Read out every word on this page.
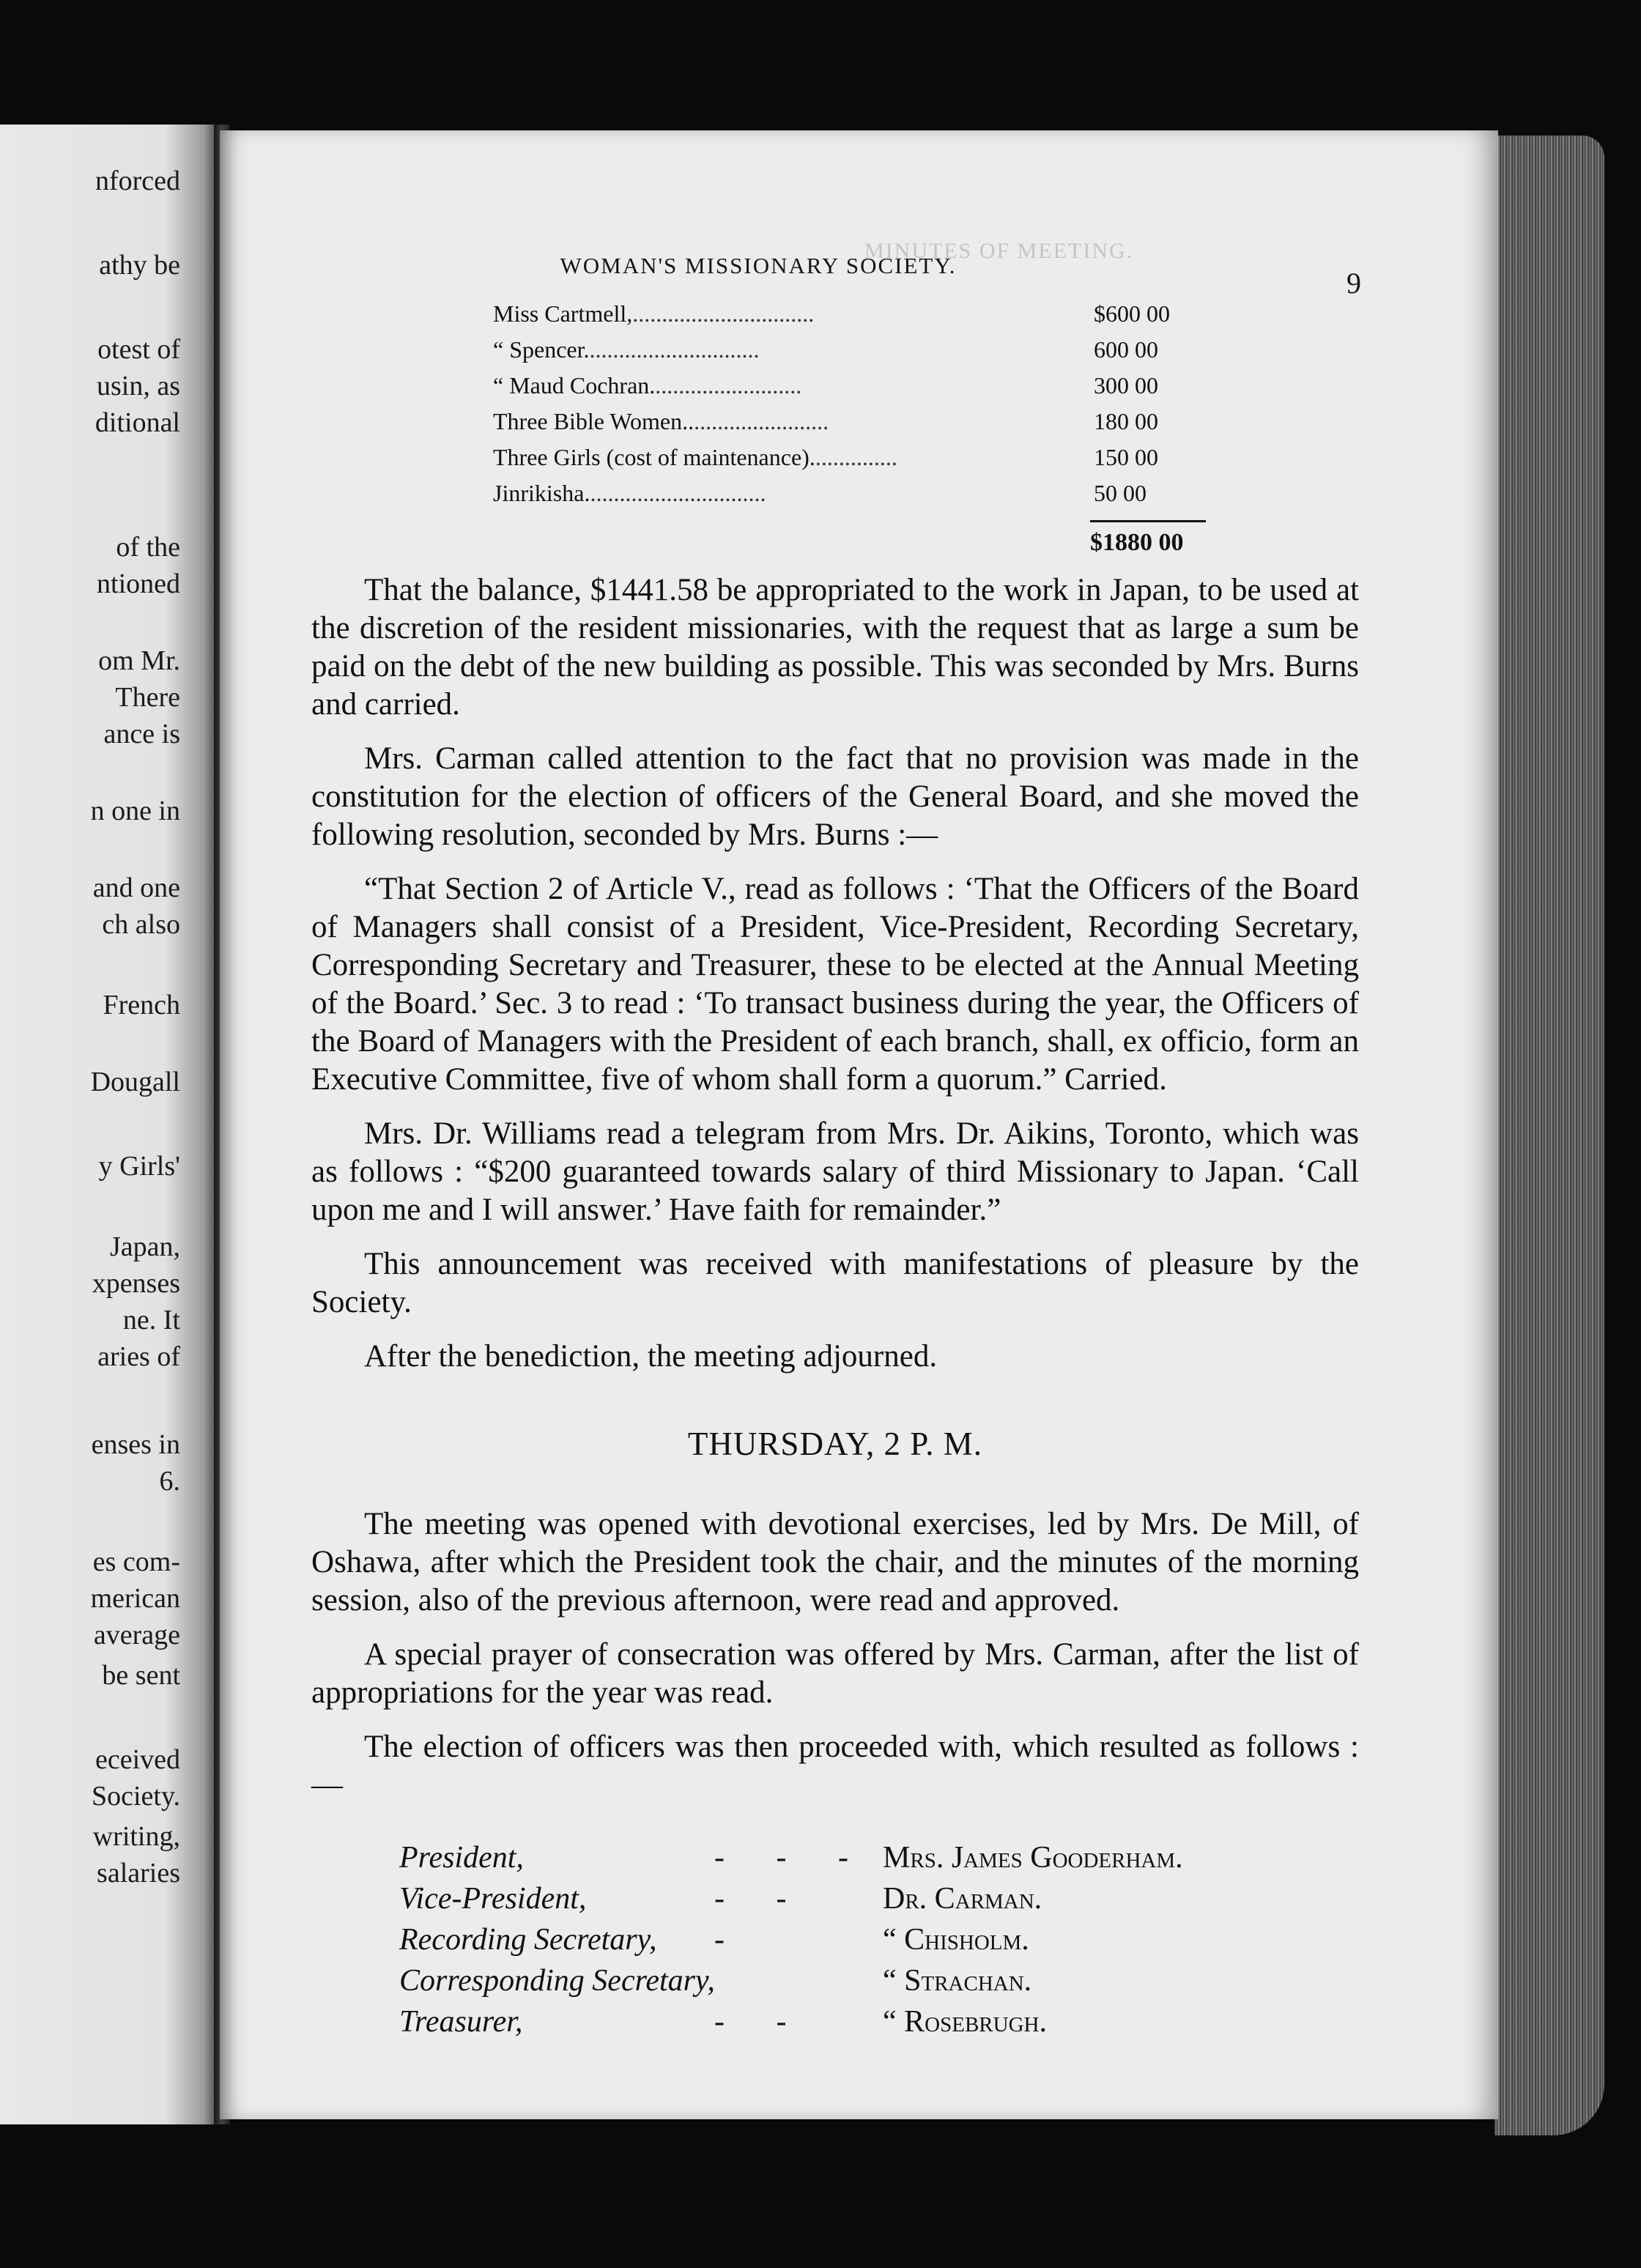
nforced
athy be
otest of
usin, as
ditional
of the
ntioned
om Mr.
There
ance is
n one in
and one
ch also
French
Dougall
y Girls'
Japan,
xpenses
ne. It
aries of
enses in
6.
es com-
merican
average
be sent
eceived
Society.
writing,
salaries
MINUTES OF MEETING.
WOMAN'S MISSIONARY SOCIETY.
9
Miss Cartmell,...............................	$600 00
“ Spencer..............................	600 00
“ Maud Cochran..........................	300 00
Three Bible Women.........................	180 00
Three Girls (cost of maintenance)...............	150 00
Jinrikisha...............................	50 00
$1880 00

That the balance, $1441.58 be appropriated to the work in Japan, to be used at the discretion of the resident missionaries, with the request that as large a sum be paid on the debt of the new building as possible. This was seconded by Mrs. Burns and carried.

Mrs. Carman called attention to the fact that no provision was made in the constitution for the election of officers of the General Board, and she moved the following resolution, seconded by Mrs. Burns :—

“That Section 2 of Article V., read as follows : ‘That the Officers of the Board of Managers shall consist of a President, Vice-President, Recording Secretary, Corresponding Secretary and Treasurer, these to be elected at the Annual Meeting of the Board.’ Sec. 3 to read : ‘To transact business during the year, the Officers of the Board of Managers with the President of each branch, shall, ex officio, form an Executive Committee, five of whom shall form a quorum.” Carried.

Mrs. Dr. Williams read a telegram from Mrs. Dr. Aikins, Toronto, which was as follows : “$200 guaranteed towards salary of third Missionary to Japan. ‘Call upon me and I will answer.’ Have faith for remainder.”

This announcement was received with manifestations of pleasure by the Society.

After the benediction, the meeting adjourned.

THURSDAY, 2 P. M.

The meeting was opened with devotional exercises, led by Mrs. De Mill, of Oshawa, after which the President took the chair, and the minutes of the morning session, also of the previous afternoon, were read and approved.

A special prayer of consecration was offered by Mrs. Carman, after the list of appropriations for the year was read.

The election of officers was then proceeded with, which resulted as follows :—

President,	- - - Mrs. James Gooderham.
Vice-President,	- - Dr. Carman.
Recording Secretary, -	“ Chisholm.
Corresponding Secretary,	“ Strachan.
Treasurer,	- - “ Rosebrugh.
